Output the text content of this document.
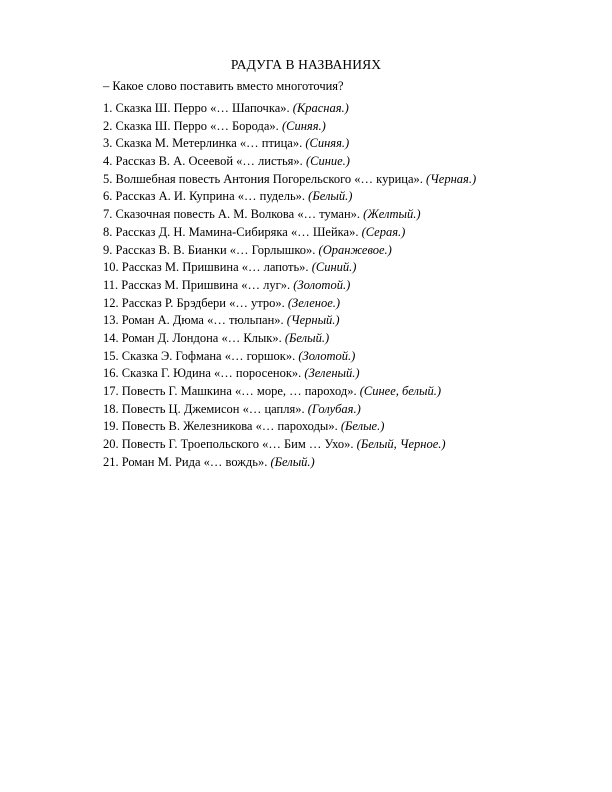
РАДУГА В НАЗВАНИЯХ
– Какое слово поставить вместо многоточия?
1. Сказка Ш. Перро «… Шапочка». (Красная.)
2. Сказка Ш. Перро «… Борода». (Синяя.)
3. Сказка М. Метерлинка «… птица». (Синяя.)
4. Рассказ В. А. Осеевой «… листья». (Синие.)
5. Волшебная повесть Антония Погорельского «… курица». (Черная.)
6. Рассказ А. И. Куприна «… пудель». (Белый.)
7. Сказочная повесть А. М. Волкова «… туман». (Желтый.)
8. Рассказ Д. Н. Мамина-Сибиряка «… Шейка». (Серая.)
9. Рассказ В. В. Бианки «… Горлышко». (Оранжевое.)
10. Рассказ М. Пришвина «… лапоть». (Синий.)
11. Рассказ М. Пришвина «… луг». (Золотой.)
12. Рассказ Р. Брэдбери «… утро». (Зеленое.)
13. Роман А. Дюма «… тюльпан». (Черный.)
14. Роман Д. Лондона «… Клык». (Белый.)
15. Сказка Э. Гофмана «… горшок». (Золотой.)
16. Сказка Г. Юдина «… поросенок». (Зеленый.)
17. Повесть Г. Машкина «… море, … пароход». (Синее, белый.)
18. Повесть Ц. Джемисон «… цапля». (Голубая.)
19. Повесть В. Железникова «… пароходы». (Белые.)
20. Повесть Г. Троепольского «… Бим … Ухо». (Белый, Черное.)
21. Роман М. Рида «… вождь». (Белый.)
